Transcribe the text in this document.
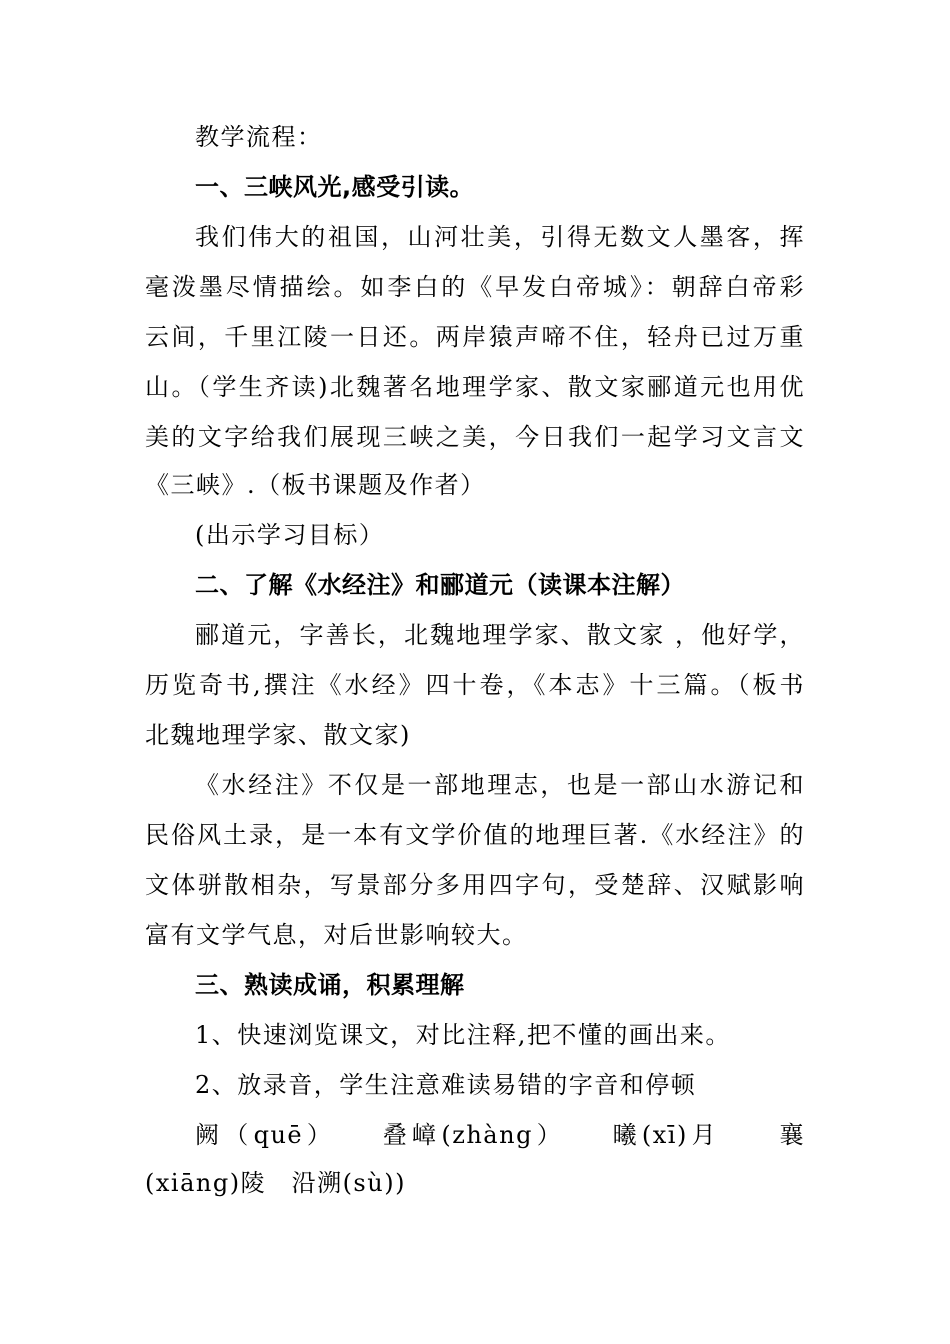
教学流程：
一、三峡风光,感受引读。
我们伟大的祖国，山河壮美，引得无数文人墨客，挥
毫泼墨尽情描绘。如李白的《早发白帝城》：朝辞白帝彩
云间，千里江陵一日还。两岸猿声啼不住，轻舟已过万重
山。（学生齐读)北魏著名地理学家、散文家郦道元也用优
美的文字给我们展现三峡之美，今日我们一起学习文言文
《三峡》.（板书课题及作者）
(出示学习目标）
二、了解《水经注》和郦道元（读课本注解）
郦道元，字善长，北魏地理学家、散文家 ，他好学，
历览奇书,撰注《水经》四十卷，《本志》十三篇。（板书
北魏地理学家、散文家)
《水经注》不仅是一部地理志，也是一部山水游记和
民俗风土录，是一本有文学价值的地理巨著.《水经注》的
文体骈散相杂，写景部分多用四字句，受楚辞、汉赋影响
富有文学气息，对后世影响较大。
三、熟读成诵，积累理解
1、快速浏览课文，对比注释,把不懂的画出来。
2、放录音，学生注意难读易错的字音和停顿
阙（quē）　　叠嶂(zhàng）　　曦(xī)月　　襄
(xiāng)陵　沿溯(sù))
